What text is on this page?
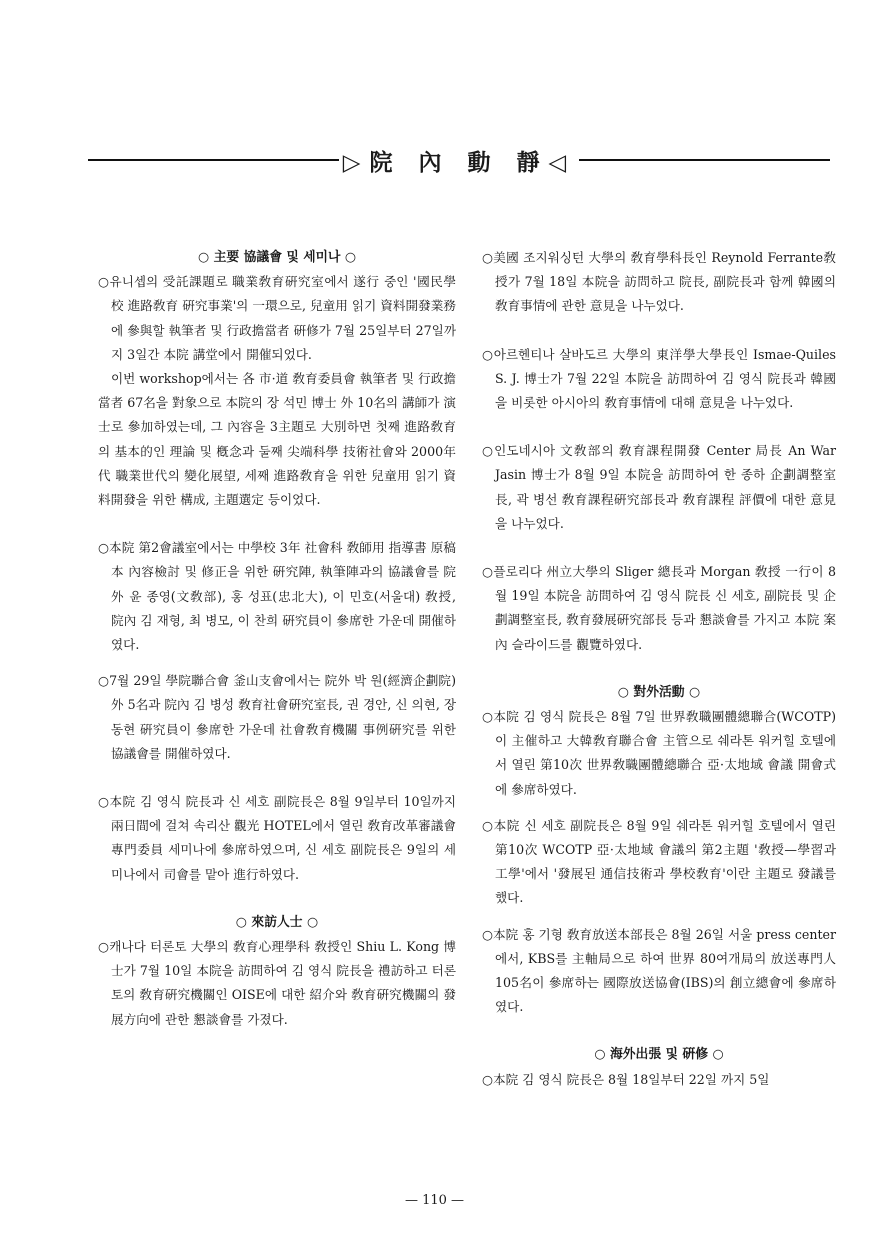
▷院 內 動 靜◁

○ 主要 協議會 및 세미나 ○

○유니셉의 受託課題로 職業敎育硏究室에서 遂行 중인 '國民學校 進路敎育 硏究事業'의 一環으로, 兒童用 읽기 資料開發業務에 參與할 執筆者 및 行政擔當者 硏修가 7월 25일부터 27일까지 3일간 本院 講堂에서 開催되었다.

이번 workshop에서는 各 市·道 敎育委員會 執筆者 및 行政擔當者 67名을 對象으로 本院의 장 석민 博士 外 10名의 講師가 演士로 參加하였는데, 그 內容을 3主題로 大別하면 첫째 進路敎育의 基本的인 理論 및 槪念과 둘째 尖端科學 技術社會와 2000年代 職業世代의 變化展望, 세째 進路敎育을 위한 兒童用 읽기 資料開發을 위한 構成, 主題選定 등이었다.

○本院 第2會議室에서는 中學校 3年 社會科 敎師用 指導書 原稿本 內容檢討 및 修正을 위한 硏究陣, 執筆陣과의 協議會를 院外 윤 종영(文敎部), 홍 성표(忠北大), 이 민호(서울대) 敎授, 院內 김 재형, 최 병모, 이 찬희 硏究員이 參席한 가운데 開催하였다.

○7월 29일 學院聯合會 釜山支會에서는 院外 박 원(經濟企劃院)外 5名과 院內 김 병성 敎育社會硏究室長, 권 경안, 신 의현, 장 동현 硏究員이 參席한 가운데 社會敎育機關 事例硏究를 위한 協議會를 開催하였다.

○本院 김 영식 院長과 신 세호 副院長은 8월 9일부터 10일까지 兩日間에 걸쳐 속리산 觀光 HOTEL에서 열린 敎育改革審議會 專門委員 세미나에 參席하였으며, 신 세호 副院長은 9일의 세미나에서 司會를 맡아 進行하였다.

○ 來訪人士 ○

○캐나다 터론토 大學의 敎育心理學科 敎授인 Shiu L. Kong 博士가 7월 10일 本院을 訪問하여 김 영식 院長을 禮訪하고 터론토의 敎育硏究機關인 OISE에 대한 紹介와 敎育硏究機關의 發展方向에 관한 懇談會를 가졌다.

○美國 조지워싱턴 大學의 敎育學科長인 Reynold Ferrante敎授가 7월 18일 本院을 訪問하고 院長, 副院長과 함께 韓國의 敎育事情에 관한 意見을 나누었다.

○아르헨티나 살바도르 大學의 東洋學大學長인 Ismae-Quiles S. J. 博士가 7월 22일 本院을 訪問하여 김 영식 院長과 韓國을 비롯한 아시아의 敎育事情에 대해 意見을 나누었다.

○인도네시아 文敎部의 敎育課程開發 Center 局長 An War Jasin 博士가 8월 9일 本院을 訪問하여 한 종하 企劃調整室長, 곽 병선 敎育課程硏究部長과 敎育課程 評價에 대한 意見을 나누었다.

○플로리다 州立大學의 Sliger 總長과 Morgan 敎授 一行이 8월 19일 本院을 訪問하여 김 영식 院長 신 세호, 副院長 및 企劃調整室長, 敎育發展硏究部長 등과 懇談會를 가지고 本院 案內 슬라이드를 觀覽하였다.

○ 對外活動 ○

○本院 김 영식 院長은 8월 7일 世界敎職團體總聯合(WCOTP)이 主催하고 大韓敎育聯合會 主管으로 쉐라톤 워커힐 호텔에서 열린 第10次 世界敎職團體總聯合 亞·太地域 會議 開會式에 參席하였다.

○本院 신 세호 副院長은 8월 9일 쉐라톤 워커힐 호텔에서 열린 第10次 WCOTP 亞·太地域 會議의 第2主題 '敎授—學習과 工學'에서 '發展된 通信技術과 學校敎育'이란 主題로 發議를 했다.

○本院 홍 기형 敎育放送本部長은 8월 26일 서울 press center에서, KBS를 主軸局으로 하여 世界 80여개局의 放送專門人 105名이 參席하는 國際放送協會(IBS)의 創立總會에 參席하였다.

○ 海外出張 및 硏修 ○

○本院 김 영식 院長은 8월 18일부터 22일 까지 5일

— 110 —
